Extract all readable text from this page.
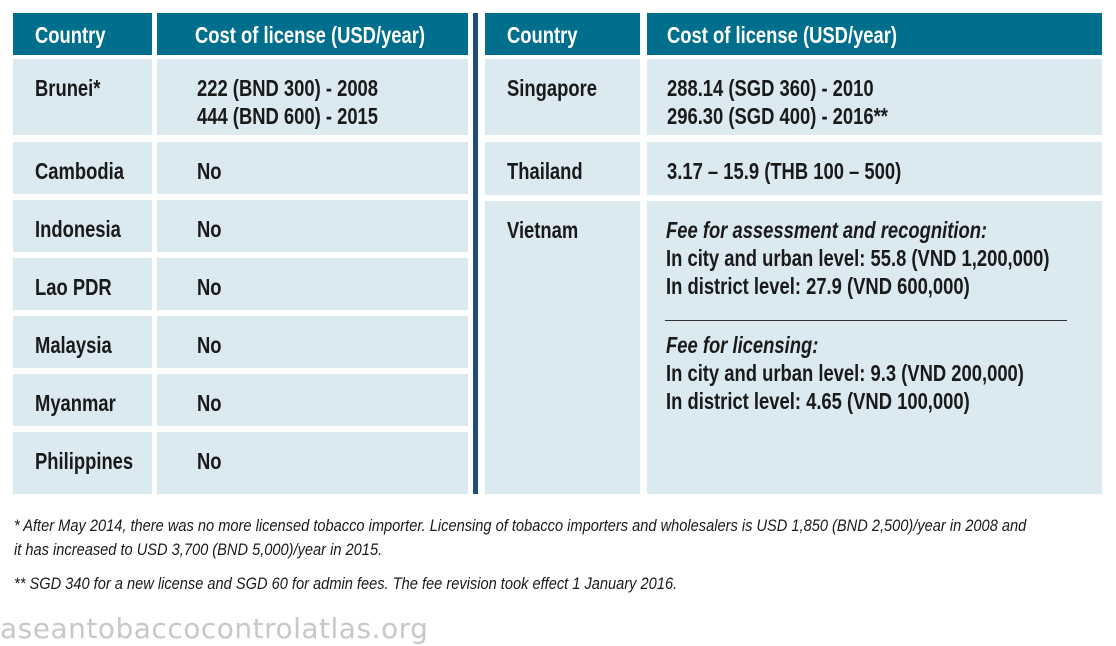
Country	Cost of license (USD/year)
Brunei*	222 (BND 300) - 2008
444 (BND 600) - 2015
Cambodia	No
Indonesia	No
Lao PDR	No
Malaysia	No
Myanmar	No
Philippines	No
Country	Cost of license (USD/year)
Singapore	288.14 (SGD 360) - 2010
296.30 (SGD 400) - 2016**
Thailand	3.17 – 15.9 (THB 100 – 500)
Vietnam	Fee for assessment and recognition:
In city and urban level: 55.8 (VND 1,200,000)
In district level: 27.9 (VND 600,000)
Fee for licensing:
In city and urban level: 9.3 (VND 200,000)
In district level: 4.65 (VND 100,000)
* After May 2014, there was no more licensed tobacco importer. Licensing of tobacco importers and wholesalers is USD 1,850 (BND 2,500)/year in 2008 and
it has increased to USD 3,700 (BND 5,000)/year in 2015.
** SGD 340 for a new license and SGD 60 for admin fees. The fee revision took effect 1 January 2016.
aseantobaccocontrolatlas.org
